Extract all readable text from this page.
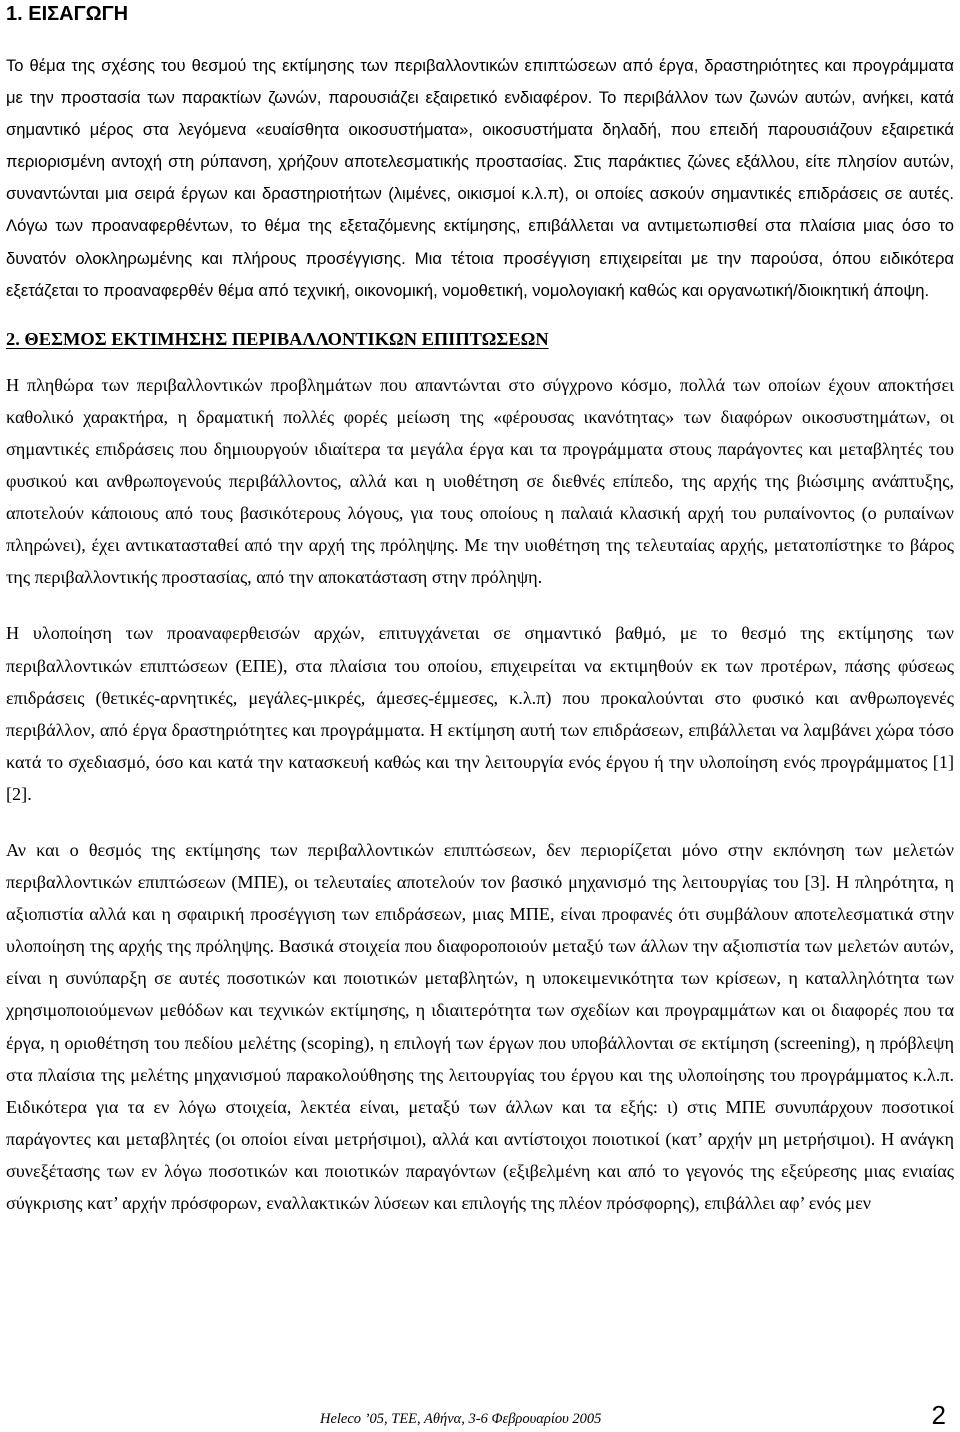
1. ΕΙΣΑΓΩΓΗ

Το θέμα της σχέσης του θεσμού της εκτίμησης των περιβαλλοντικών επιπτώσεων από έργα, δραστηριότητες και προγράμματα με την προστασία των παρακτίων ζωνών, παρουσιάζει εξαιρετικό ενδιαφέρον. Το περιβάλλον των ζωνών αυτών, ανήκει, κατά σημαντικό μέρος στα λεγόμενα «ευαίσθητα οικοσυστήματα», οικοσυστήματα δηλαδή, που επειδή παρουσιάζουν εξαιρετικά περιορισμένη αντοχή στη ρύπανση, χρήζουν αποτελεσματικής προστασίας. Στις παράκτιες ζώνες εξάλλου, είτε πλησίον αυτών, συναντώνται μια σειρά έργων και δραστηριοτήτων (λιμένες, οικισμοί κ.λ.π), οι οποίες ασκούν σημαντικές επιδράσεις σε αυτές. Λόγω των προαναφερθέντων, το θέμα της εξεταζόμενης εκτίμησης, επιβάλλεται να αντιμετωπισθεί στα πλαίσια μιας όσο το δυνατόν ολοκληρωμένης και πλήρους προσέγγισης. Μια τέτοια προσέγγιση επιχειρείται με την παρούσα, όπου ειδικότερα εξετάζεται το προαναφερθέν θέμα από τεχνική, οικονομική, νομοθετική, νομολογιακή καθώς και οργανωτική/διοικητική άποψη.

2. ΘΕΣΜΟΣ ΕΚΤΙΜΗΣΗΣ ΠΕΡΙΒΑΛΛΟΝΤΙΚΩΝ ΕΠΙΠΤΩΣΕΩΝ

Η πληθώρα των περιβαλλοντικών προβλημάτων που απαντώνται στο σύγχρονο κόσμο, πολλά των οποίων έχουν αποκτήσει καθολικό χαρακτήρα, η δραματική πολλές φορές μείωση της «φέρουσας ικανότητας» των διαφόρων οικοσυστημάτων, οι σημαντικές επιδράσεις που δημιουργούν ιδιαίτερα τα μεγάλα έργα και τα προγράμματα στους παράγοντες και μεταβλητές του φυσικού και ανθρωπογενούς περιβάλλοντος, αλλά και η υιοθέτηση σε διεθνές επίπεδο, της αρχής της βιώσιμης ανάπτυξης, αποτελούν κάποιους από τους βασικότερους λόγους, για τους οποίους η παλαιά κλασική αρχή του ρυπαίνοντος (ο ρυπαίνων πληρώνει), έχει αντικατασταθεί από την αρχή της πρόληψης. Με την υιοθέτηση της τελευταίας αρχής, μετατοπίστηκε το βάρος της περιβαλλοντικής προστασίας, από την αποκατάσταση στην πρόληψη.

Η υλοποίηση των προαναφερθεισών αρχών, επιτυγχάνεται σε σημαντικό βαθμό, με το θεσμό της εκτίμησης των περιβαλλοντικών επιπτώσεων (ΕΠΕ), στα πλαίσια του οποίου, επιχειρείται να εκτιμηθούν εκ των προτέρων, πάσης φύσεως επιδράσεις (θετικές-αρνητικές, μεγάλες-μικρές, άμεσες-έμμεσες, κ.λ.π) που προκαλούνται στο φυσικό και ανθρωπογενές περιβάλλον, από έργα δραστηριότητες και προγράμματα. Η εκτίμηση αυτή των επιδράσεων, επιβάλλεται να λαμβάνει χώρα τόσο κατά το σχεδιασμό, όσο και κατά την κατασκευή καθώς και την λειτουργία ενός έργου ή την υλοποίηση ενός προγράμματος [1][2].

Αν και ο θεσμός της εκτίμησης των περιβαλλοντικών επιπτώσεων, δεν περιορίζεται μόνο στην εκπόνηση των μελετών περιβαλλοντικών επιπτώσεων (ΜΠΕ), οι τελευταίες αποτελούν τον βασικό μηχανισμό της λειτουργίας του [3]. Η πληρότητα, η αξιοπιστία αλλά και η σφαιρική προσέγγιση των επιδράσεων, μιας ΜΠΕ, είναι προφανές ότι συμβάλουν αποτελεσματικά στην υλοποίηση της αρχής της πρόληψης. Βασικά στοιχεία που διαφοροποιούν μεταξύ των άλλων την αξιοπιστία των μελετών αυτών, είναι η συνύπαρξη σε αυτές ποσοτικών και ποιοτικών μεταβλητών, η υποκειμενικότητα των κρίσεων, η καταλληλότητα των χρησιμοποιούμενων μεθόδων και τεχνικών εκτίμησης, η ιδιαιτερότητα των σχεδίων και προγραμμάτων και οι διαφορές που τα έργα, η οριοθέτηση του πεδίου μελέτης (scoping), η επιλογή των έργων που υποβάλλονται σε εκτίμηση (screening), η πρόβλεψη στα πλαίσια της μελέτης μηχανισμού παρακολούθησης της λειτουργίας του έργου και της υλοποίησης του προγράμματος κ.λ.π. Ειδικότερα για τα εν λόγω στοιχεία, λεκτέα είναι, μεταξύ των άλλων και τα εξής: ι) στις ΜΠΕ συνυπάρχουν ποσοτικοί παράγοντες και μεταβλητές (οι οποίοι είναι μετρήσιμοι), αλλά και αντίστοιχοι ποιοτικοί (κατ’ αρχήν μη μετρήσιμοι). Η ανάγκη συνεξέτασης των εν λόγω ποσοτικών και ποιοτικών παραγόντων (εξιβελμένη και από το γεγονός της εξεύρεσης μιας ενιαίας σύγκρισης κατ’ αρχήν πρόσφορων, εναλλακτικών λύσεων και επιλογής της πλέον πρόσφορης), επιβάλλει αφ’ ενός μεν

Heleco ’05, ΤΕΕ, Αθήνα, 3-6 Φεβρουαρίου 2005	2
